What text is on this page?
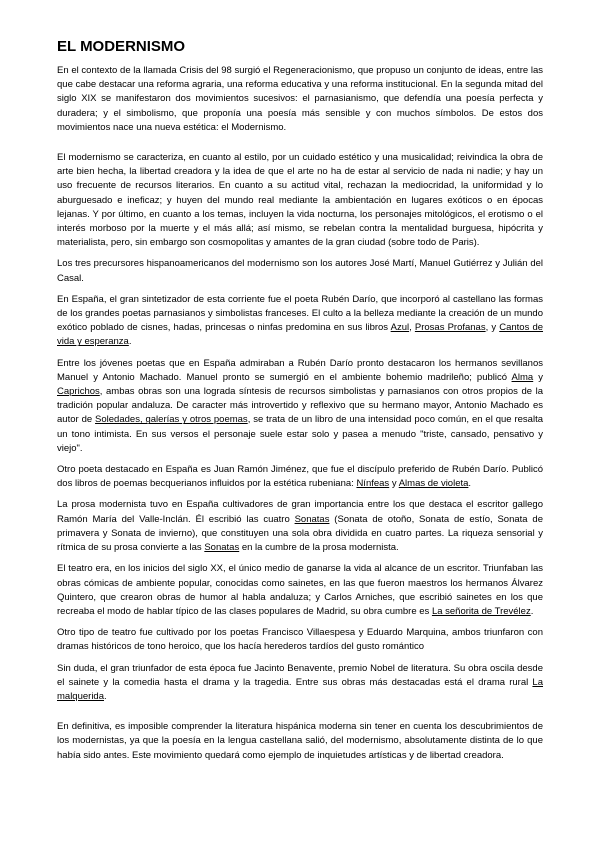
EL MODERNISMO

En el contexto de la llamada Crisis del 98 surgió el Regeneracionismo, que propuso un conjunto de ideas, entre las que cabe destacar una reforma agraria, una reforma educativa y una reforma institucional. En la segunda mitad del siglo XIX se manifestaron dos movimientos sucesivos: el parnasianismo, que defendía una poesía perfecta y duradera; y el simbolismo, que proponía una poesía más sensible y con muchos símbolos. De estos dos movimientos nace una nueva estética: el Modernismo.

El modernismo se caracteriza, en cuanto al estilo, por un cuidado estético y una musicalidad; reivindica la obra de arte bien hecha, la libertad creadora y la idea de que el arte no ha de estar al servicio de nada ni nadie; y hay un uso frecuente de recursos literarios. En cuanto a su actitud vital, rechazan la mediocridad, la uniformidad y lo aburguesado e ineficaz; y huyen del mundo real mediante la ambientación en lugares exóticos o en épocas lejanas. Y por último, en cuanto a los temas, incluyen la vida nocturna, los personajes mitológicos, el erotismo o el interés morboso por la muerte y el más allá; así mismo, se rebelan contra la mentalidad burguesa, hipócrita y materialista, pero, sin embargo son cosmopolitas y amantes de la gran ciudad (sobre todo de Paris).

Los tres precursores hispanoamericanos del modernismo son los autores José Martí, Manuel Gutiérrez y Julián del Casal.

En España, el gran sintetizador de esta corriente fue el poeta Rubén Darío, que incorporó al castellano las formas de los grandes poetas parnasianos y simbolistas franceses. El culto a la belleza mediante la creación de un mundo exótico poblado de cisnes, hadas, princesas o ninfas predomina en sus libros Azul, Prosas Profanas, y Cantos de vida y esperanza.

Entre los jóvenes poetas que en España admiraban a Rubén Darío pronto destacaron los hermanos sevillanos Manuel y Antonio Machado. Manuel pronto se sumergió en el ambiente bohemio madrileño; publicó Alma y Caprichos, ambas obras son una lograda síntesis de recursos simbolistas y parnasianos con otros propios de la tradición popular andaluza. De caracter más introvertido y reflexivo que su hermano mayor, Antonio Machado es autor de Soledades, galerías y otros poemas, se trata de un libro de una intensidad poco común, en el que resalta un tono intimista. En sus versos el personaje suele estar solo y pasea a menudo "triste, cansado, pensativo y viejo".

Otro poeta destacado en España es Juan Ramón Jiménez, que fue el discípulo preferido de Rubén Darío. Publicó dos libros de poemas becquerianos influidos por la estética rubeniana: Nínfeas y Almas de violeta.

La prosa modernista tuvo en España cultivadores de gran importancia entre los que destaca el escritor gallego Ramón María del Valle-Inclán. Él escribió las cuatro Sonatas (Sonata de otoño, Sonata de estío, Sonata de primavera y Sonata de invierno), que constituyen una sola obra dividida en cuatro partes. La riqueza sensorial y rítmica de su prosa convierte a las Sonatas en la cumbre de la prosa modernista.

El teatro era, en los inicios del siglo XX, el único medio de ganarse la vida al alcance de un escritor. Triunfaban las obras cómicas de ambiente popular, conocidas como sainetes, en las que fueron maestros los hermanos Álvarez Quintero, que crearon obras de humor al habla andaluza; y Carlos Arniches, que escribió sainetes en los que recreaba el modo de hablar típico de las clases populares de Madrid, su obra cumbre es La señorita de Trevélez.

Otro tipo de teatro fue cultivado por los poetas Francisco Villaespesa y Eduardo Marquina, ambos triunfaron con dramas históricos de tono heroico, que los hacía herederos tardíos del gusto romántico

Sin duda, el gran triunfador de esta época fue Jacinto Benavente, premio Nobel de literatura. Su obra oscila desde el sainete y la comedia hasta el drama y la tragedia. Entre sus obras más destacadas está el drama rural La malquerida.

En definitiva, es imposible comprender la literatura hispánica moderna sin tener en cuenta los descubrimientos de los modernistas, ya que la poesía en la lengua castellana salió, del modernismo, absolutamente distinta de lo que había sido antes. Este movimiento quedará como ejemplo de inquietudes artísticas y de libertad creadora.
